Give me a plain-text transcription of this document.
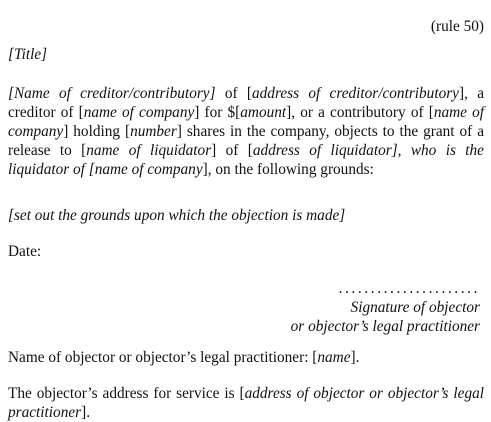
(rule 50)
[Title]
[Name of creditor/contributory] of [address of creditor/contributory], a creditor of [name of company] for $[amount], or a contributory of [name of company] holding [number] shares in the company, objects to the grant of a release to [name of liquidator] of [address of liquidator], who is the liquidator of [name of company], on the following grounds:
[set out the grounds upon which the objection is made]
Date:
......................
Signature of objector
or objector’s legal practitioner
Name of objector or objector’s legal practitioner: [name].
The objector’s address for service is [address of objector or objector’s legal practitioner].
